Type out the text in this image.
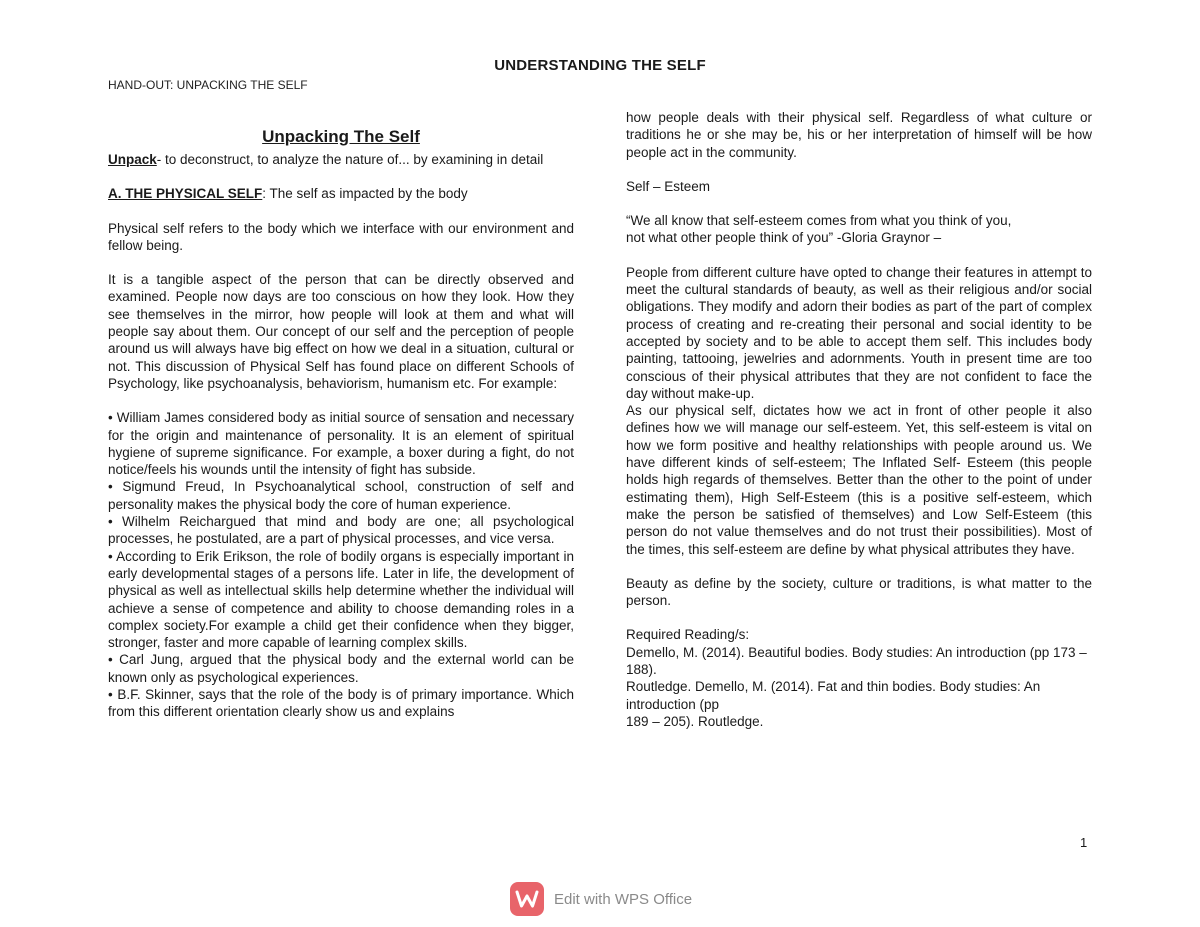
UNDERSTANDING THE SELF
HAND-OUT: UNPACKING THE SELF
Unpacking The Self

Unpack- to deconstruct, to analyze the nature of... by examining in detail

A. THE PHYSICAL SELF: The self as impacted by the body

Physical self refers to the body which we interface with our environment and fellow being.

It is a tangible aspect of the person that can be directly observed and examined. People now days are too conscious on how they look. How they see themselves in the mirror, how people will look at them and what will people say about them. Our concept of our self and the perception of people around us will always have big effect on how we deal in a situation, cultural or not. This discussion of Physical Self has found place on different Schools of Psychology, like psychoanalysis, behaviorism, humanism etc. For example:

• William James considered body as initial source of sensation and necessary for the origin and maintenance of personality. It is an element of spiritual hygiene of supreme significance. For example, a boxer during a fight, do not notice/feels his wounds until the intensity of fight has subside.

• Sigmund Freud, In Psychoanalytical school, construction of self and personality makes the physical body the core of human experience.

• Wilhelm Reichargued that mind and body are one; all psychological processes, he postulated, are a part of physical processes, and vice versa.

• According to Erik Erikson, the role of bodily organs is especially important in early developmental stages of a persons life. Later in life, the development of physical as well as intellectual skills help determine whether the individual will achieve a sense of competence and ability to choose demanding roles in a complex society.For example a child get their confidence when they bigger, stronger, faster and more capable of learning complex skills.

• Carl Jung, argued that the physical body and the external world can be known only as psychological experiences.

• B.F. Skinner, says that the role of the body is of primary importance. Which from this different orientation clearly show us and explains

how people deals with their physical self. Regardless of what culture or traditions he or she may be, his or her interpretation of himself will be how people act in the community.

Self – Esteem

“We all know that self-esteem comes from what you think of you,

not what other people think of you” -Gloria Graynor –

People from different culture have opted to change their features in attempt to meet the cultural standards of beauty, as well as their religious and/or social obligations. They modify and adorn their bodies as part of the part of complex process of creating and re-creating their personal and social identity to be accepted by society and to be able to accept them self. This includes body painting, tattooing, jewelries and adornments. Youth in present time are too conscious of their physical attributes that they are not confident to face the day without make-up.

As our physical self, dictates how we act in front of other people it also defines how we will manage our self-esteem. Yet, this self-esteem is vital on how we form positive and healthy relationships with people around us. We have different kinds of self-esteem; The Inflated Self- Esteem (this people holds high regards of themselves. Better than the other to the point of under estimating them), High Self-Esteem (this is a positive self-esteem, which make the person be satisfied of themselves) and Low Self-Esteem (this person do not value themselves and do not trust their possibilities). Most of the times, this self-esteem are define by what physical attributes they have.

Beauty as define by the society, culture or traditions, is what matter to the person.

Required Reading/s:

Demello, M. (2014). Beautiful bodies. Body studies: An introduction (pp 173 – 188).

Routledge. Demello, M. (2014). Fat and thin bodies. Body studies: An introduction (pp

189 – 205). Routledge.

1
Edit with WPS Office
